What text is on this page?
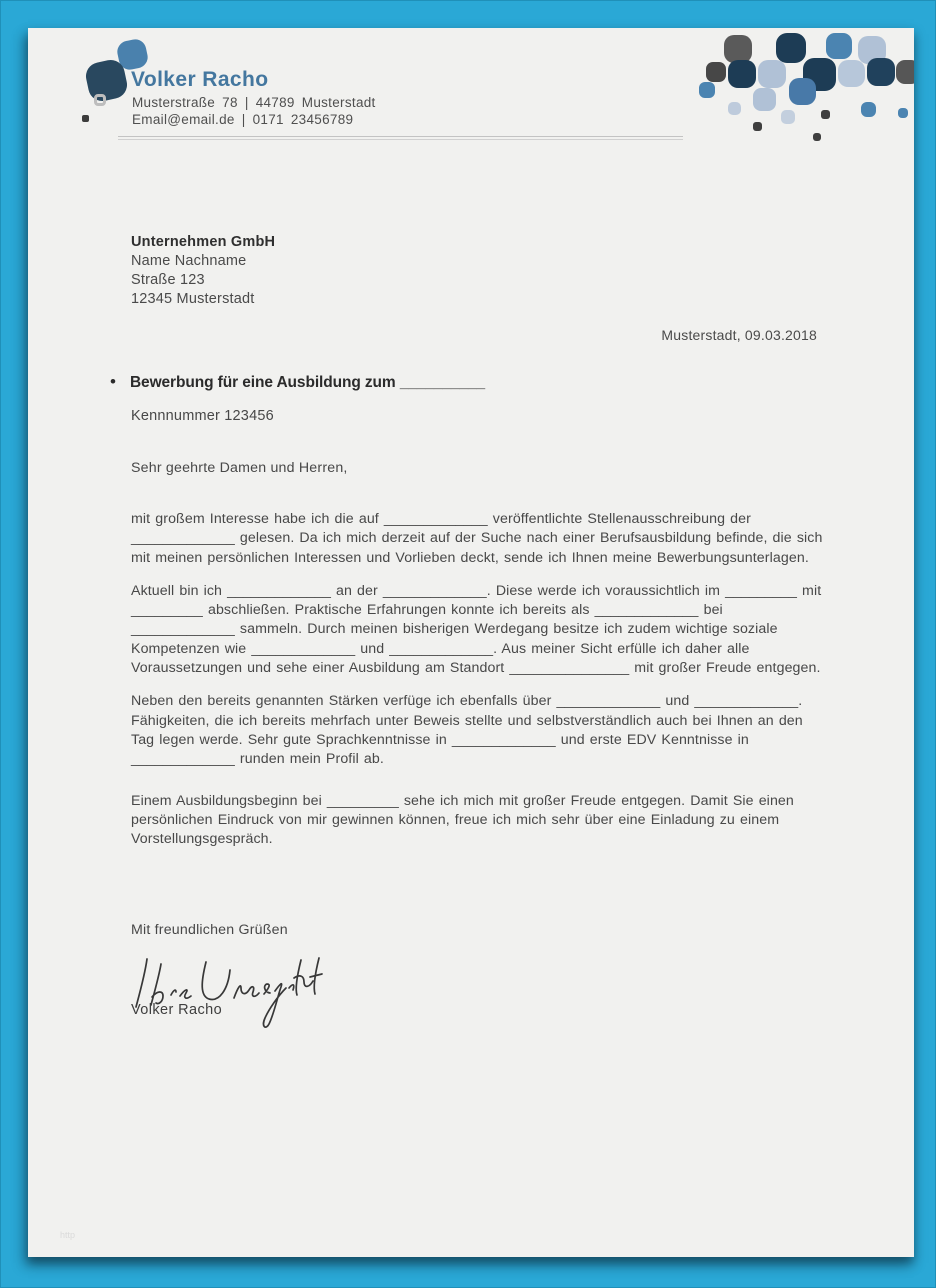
Volker Racho
Musterstraße 78 | 44789 Musterstadt
Email@email.de | 0171 23456789
Unternehmen GmbH
Name Nachname
Straße 123
12345 Musterstadt
Musterstadt, 09.03.2018
• Bewerbung für eine Ausbildung zum __________
Kennnummer 123456
Sehr geehrte Damen und Herren,

mit großem Interesse habe ich die auf _____________ veröffentlichte Stellenausschreibung der _____________ gelesen. Da ich mich derzeit auf der Suche nach einer Berufsausbildung befinde, die sich mit meinen persönlichen Interessen und Vorlieben deckt, sende ich Ihnen meine Bewerbungsunterlagen.

Aktuell bin ich _____________ an der _____________. Diese werde ich voraussichtlich im _________ mit _________ abschließen. Praktische Erfahrungen konnte ich bereits als _____________ bei _____________ sammeln. Durch meinen bisherigen Werdegang besitze ich zudem wichtige soziale Kompetenzen wie _____________ und _____________. Aus meiner Sicht erfülle ich daher alle Voraussetzungen und sehe einer Ausbildung am Standort _______________ mit großer Freude entgegen.

Neben den bereits genannten Stärken verfüge ich ebenfalls über _____________ und _____________. Fähigkeiten, die ich bereits mehrfach unter Beweis stellte und selbstverständlich auch bei Ihnen an den Tag legen werde. Sehr gute Sprachkenntnisse in _____________ und erste EDV Kenntnisse in _____________ runden mein Profil ab.

Einem Ausbildungsbeginn bei _________ sehe ich mich mit großer Freude entgegen. Damit Sie einen persönlichen Eindruck von mir gewinnen können, freue ich mich sehr über eine Einladung zu einem Vorstellungsgespräch.

Mit freundlichen Grüßen
Volker Racho
http
